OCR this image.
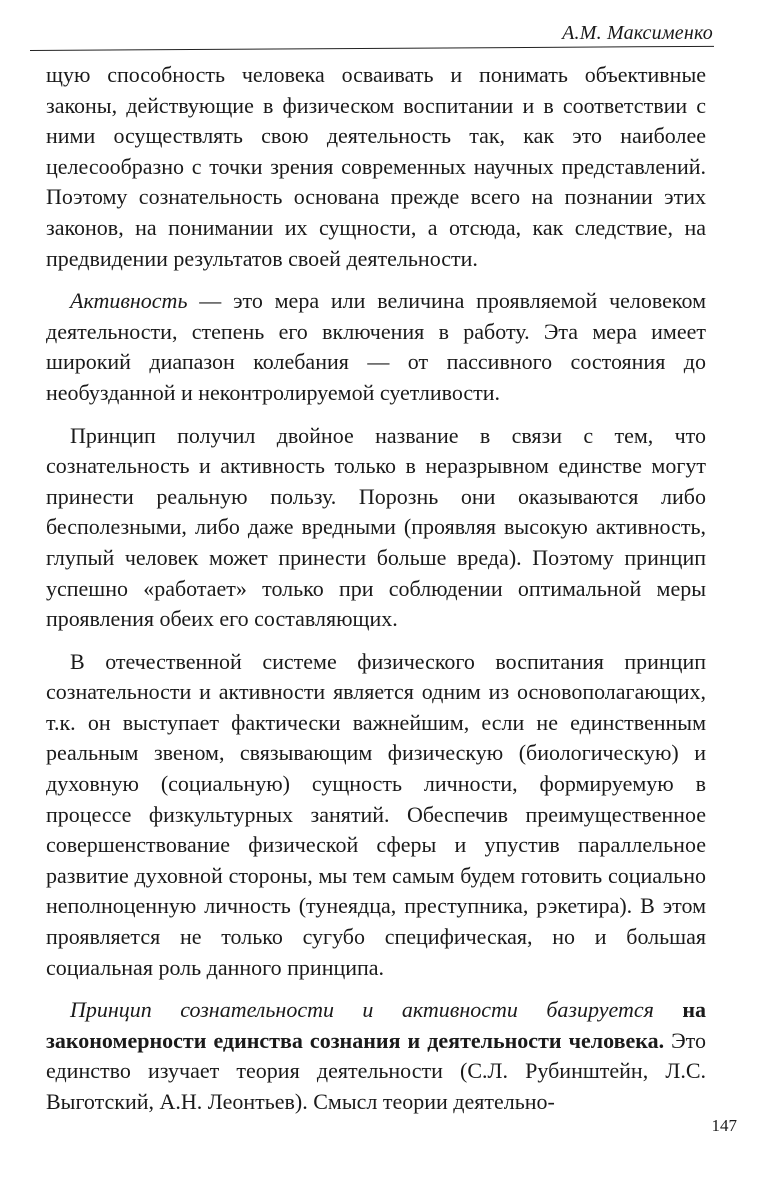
А.М. Максименко

щую способность человека осваивать и понимать объективные законы, действующие в физическом воспитании и в соответствии с ними осуществлять свою деятельность так, как это наиболее целесообразно с точки зрения современных научных представлений. Поэтому сознательность основана прежде всего на познании этих законов, на понимании их сущности, а отсюда, как следствие, на предвидении результатов своей деятельности.

Активность — это мера или величина проявляемой человеком деятельности, степень его включения в работу. Эта мера имеет широкий диапазон колебания — от пассивного состояния до необузданной и неконтролируемой суетливости.

Принцип получил двойное название в связи с тем, что сознательность и активность только в неразрывном единстве могут принести реальную пользу. Порознь они оказываются либо бесполезными, либо даже вредными (проявляя высокую активность, глупый человек может принести больше вреда). Поэтому принцип успешно «работает» только при соблюдении оптимальной меры проявления обеих его составляющих.

В отечественной системе физического воспитания принцип сознательности и активности является одним из основополагающих, т.к. он выступает фактически важнейшим, если не единственным реальным звеном, связывающим физическую (биологическую) и духовную (социальную) сущность личности, формируемую в процессе физкультурных занятий. Обеспечив преимущественное совершенствование физической сферы и упустив параллельное развитие духовной стороны, мы тем самым будем готовить социально неполноценную личность (тунеядца, преступника, рэкетира). В этом проявляется не только сугубо специфическая, но и большая социальная роль данного принципа.

Принцип сознательности и активности базируется на закономерности единства сознания и деятельности человека. Это единство изучает теория деятельности (С.Л. Рубинштейн, Л.С. Выготский, А.Н. Леонтьев). Смысл теории деятельно-

147
